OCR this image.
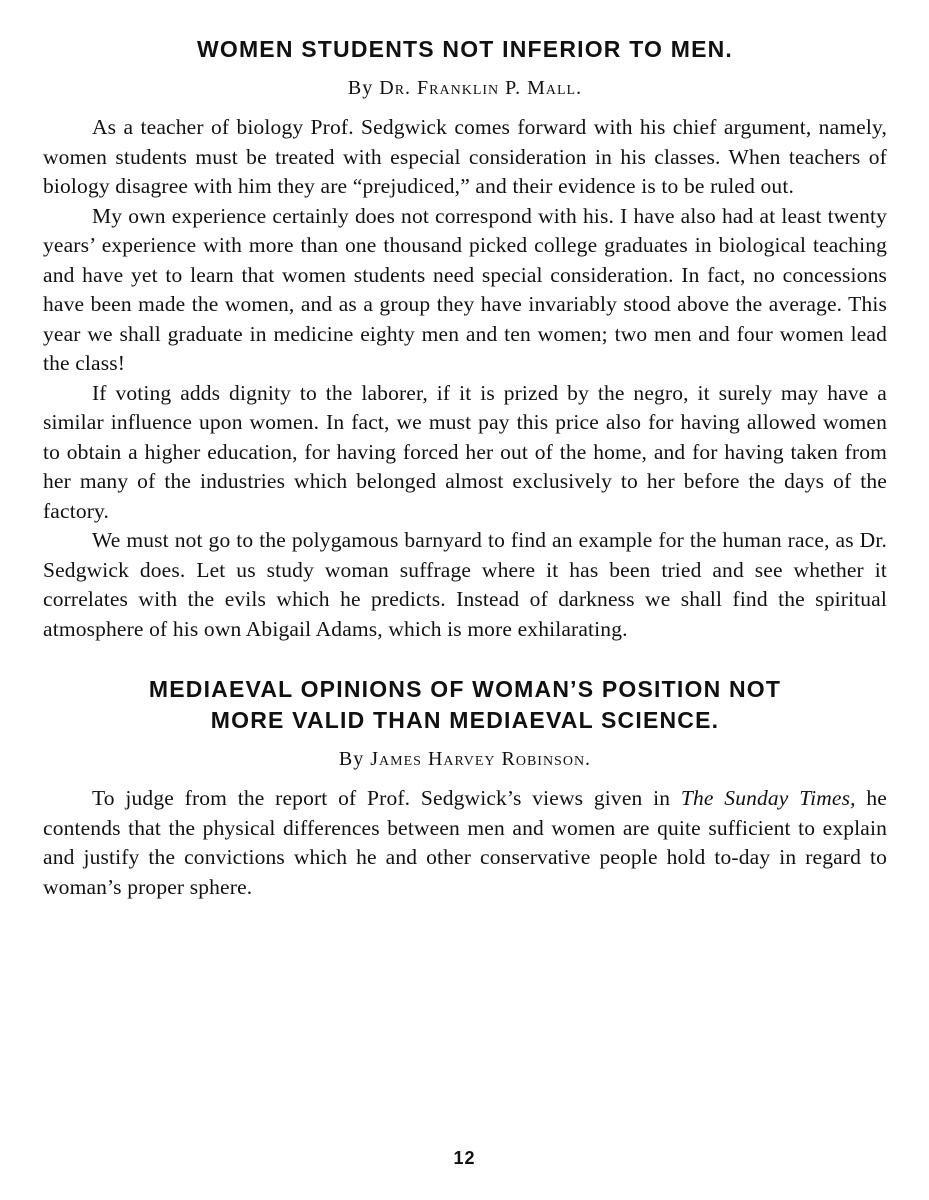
WOMEN STUDENTS NOT INFERIOR TO MEN.
By Dr. Franklin P. Mall.

As a teacher of biology Prof. Sedgwick comes forward with his chief argument, namely, women students must be treated with especial consideration in his classes. When teachers of biology disagree with him they are “prejudiced,” and their evidence is to be ruled out.

My own experience certainly does not correspond with his. I have also had at least twenty years’ experience with more than one thousand picked college graduates in biological teaching and have yet to learn that women students need special consideration. In fact, no concessions have been made the women, and as a group they have invariably stood above the average. This year we shall graduate in medicine eighty men and ten women; two men and four women lead the class!

If voting adds dignity to the laborer, if it is prized by the negro, it surely may have a similar influence upon women. In fact, we must pay this price also for having allowed women to obtain a higher education, for having forced her out of the home, and for having taken from her many of the industries which belonged almost exclusively to her before the days of the factory.

We must not go to the polygamous barnyard to find an example for the human race, as Dr. Sedgwick does. Let us study woman suffrage where it has been tried and see whether it correlates with the evils which he predicts. Instead of darkness we shall find the spiritual atmosphere of his own Abigail Adams, which is more exhilarating.

MEDIAEVAL OPINIONS OF WOMAN’S POSITION NOT
MORE VALID THAN MEDIAEVAL SCIENCE.
By James Harvey Robinson.

To judge from the report of Prof. Sedgwick’s views given in The Sunday Times, he contends that the physical differences between men and women are quite sufficient to explain and justify the convictions which he and other conservative people hold to-day in regard to woman’s proper sphere.

12
